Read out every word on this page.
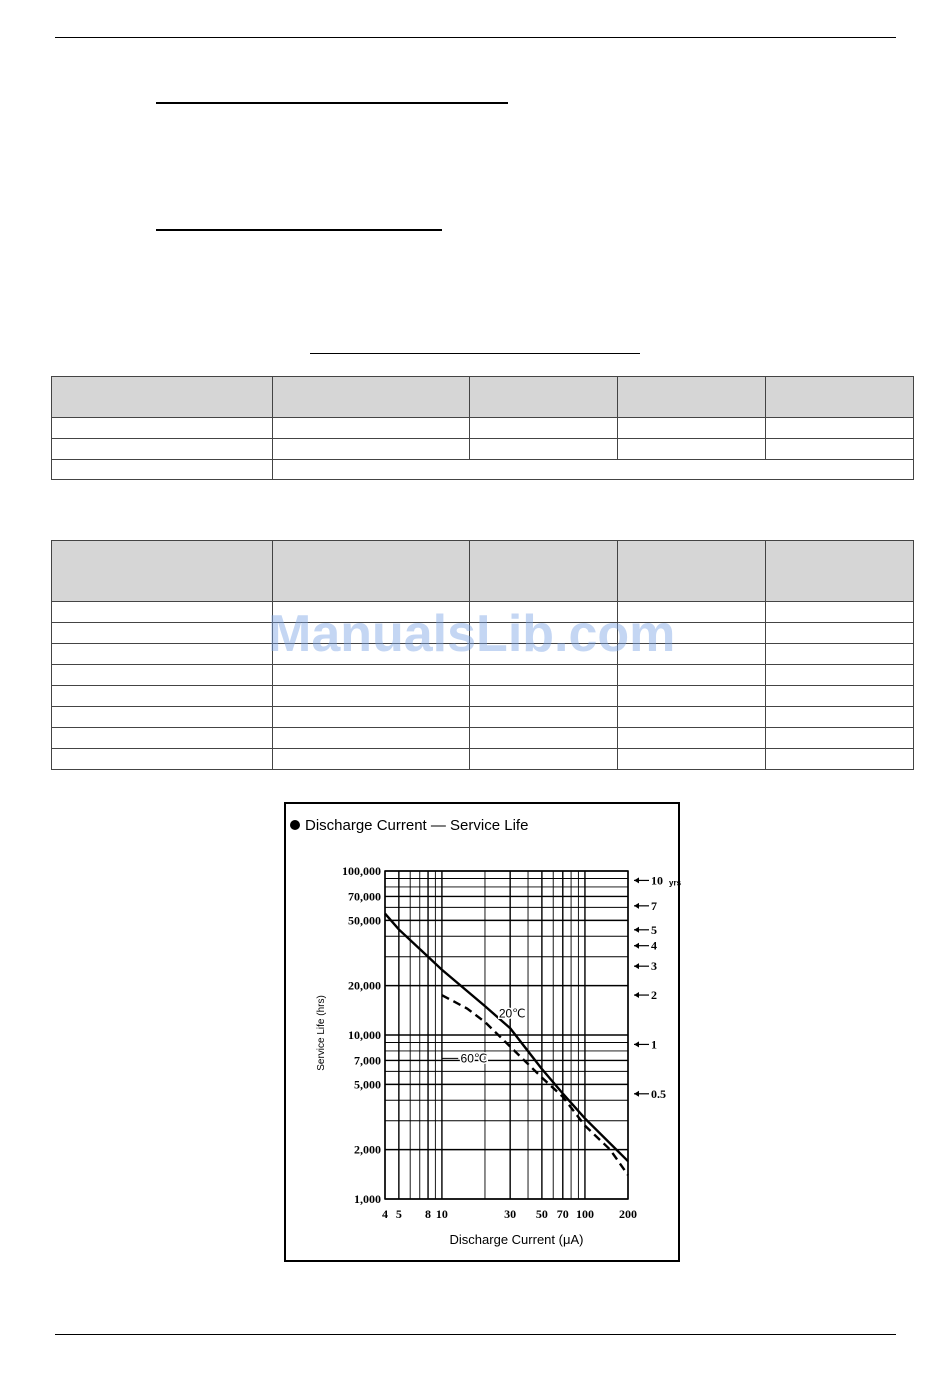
ManualsLib.com
Discharge Current — Service Life
4 5 8 10	30 50 70 100 200
1,000
2,000
5,000
7,000
10,000
20,000
50,000
70,000
100,000
Discharge Current (μA)
Service Life (hrs)
10 yrs
7
5
4
3
2
1
0.5
20℃
60℃
